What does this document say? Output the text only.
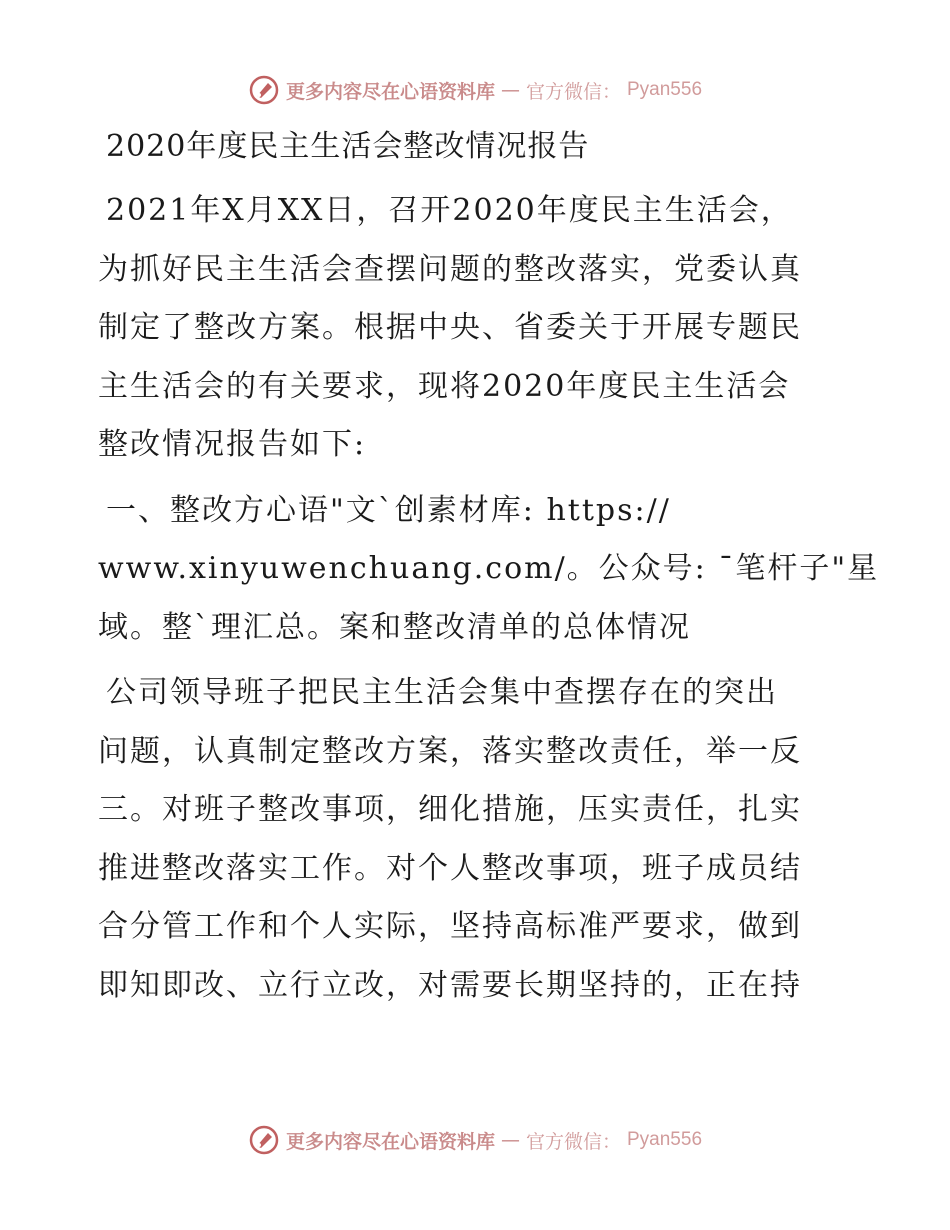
更多内容尽在心语资料库 — 官方微信： Pyan556
2020年度民主生活会整改情况报告
2021年X月XX日，召开2020年度民主生活会，
为抓好民主生活会查摆问题的整改落实，党委认真
制定了整改方案。根据中央、省委关于开展专题民
主生活会的有关要求，现将2020年度民主生活会
整改情况报告如下:
一、整改方心语"文`创素材库: https://
www.xinyuwenchuang.com/。公众号: ¯笔杆子"星
域。整`理汇总。案和整改清单的总体情况
公司领导班子把民主生活会集中查摆存在的突出
问题，认真制定整改方案，落实整改责任，举一反
三。对班子整改事项，细化措施，压实责任，扎实
推进整改落实工作。对个人整改事项，班子成员结
合分管工作和个人实际，坚持高标准严要求，做到
即知即改、立行立改，对需要长期坚持的，正在持
更多内容尽在心语资料库 — 官方微信： Pyan556
